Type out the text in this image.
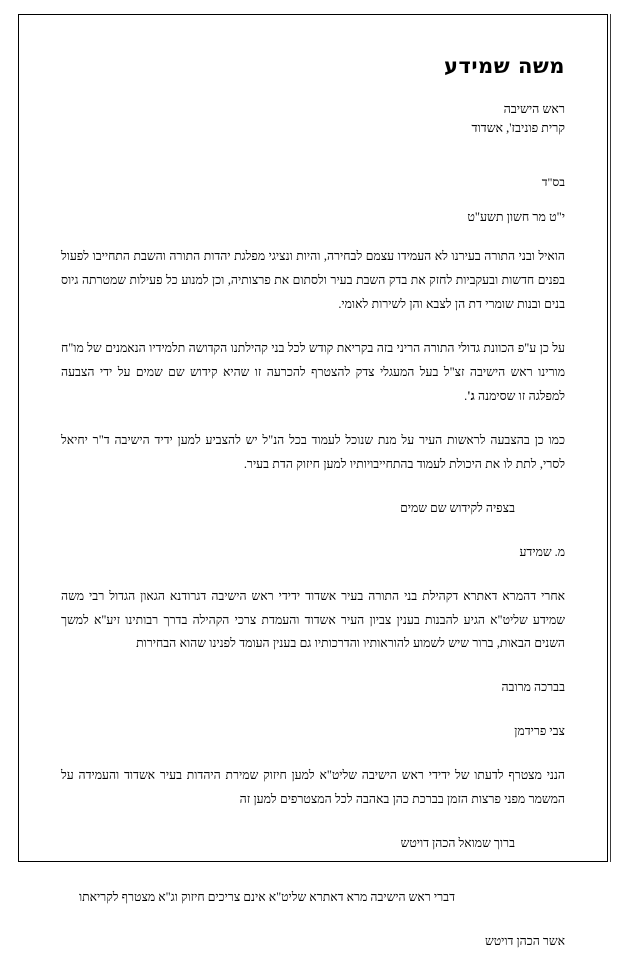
משה שמידע
ראש הישיבה
קרית פוניבז', אשדוד
בס"ד
י"ט מר חשון תשע"ט

הואיל ובני התורה בעירנו לא העמידו עצמם לבחירה, והיות ונציגי מפלגת יהדות התורה והשבת התחייבו לפעול בפנים חדשות ובעקביות לחזק את בדק השבת בעיר ולסתום את פרצותיה, וכן למנוע כל פעילות שמטרתה גיוס בנים ובנות שומרי דת הן לצבא והן לשירות לאומי.

על כן ע"פ הכוונת גדולי התורה הריני בזה בקריאת קודש לכל בני קהילתנו הקדושה תלמידיו הנאמנים של מו"ח מורינו ראש הישיבה זצ"ל בעל המעגלי צדק להצטרף להכרעה זו שהיא קידוש שם שמים על ידי הצבעה למפלגה זו שסימנה ג'.

כמו כן בהצבעה לראשות העיר על מנת שנוכל לעמוד בכל הנ"ל יש להצביע למען ידיד הישיבה ד"ר יחיאל לסרי, לתת לו את היכולת לעמוד בהתחייבויותיו למען חיזוק הדת בעיר.

בצפיה לקידוש שם שמים

מ. שמידע

אחרי דהמרא דאתרא דקהילת בני התורה בעיר אשדוד ידידי ראש הישיבה דגרודנא הגאון הגדול רבי משה שמידע שליט"א הגיע להבנות בענין צביון העיר אשדוד והעמדת צרכי הקהילה בדרך רבותינו זיע"א למשך השנים הבאות, ברור שיש לשמוע להוראותיו והדרכותיו גם בענין העומד לפנינו שהוא הבחירות

בברכה מרובה

צבי פרידמן

הנני מצטרף לדעתו של ידידי ראש הישיבה שליט"א למען חיזוק שמירת היהדות בעיר אשדוד והעמידה על המשמר מפני פרצות הזמן בברכת כהן באהבה לכל המצטרפים למען זה

ברוך שמואל הכהן דויטש

דברי ראש הישיבה מרא דאתרא שליט"א אינם צריכים חיזוק וג"א מצטרף לקריאתו

אשר הכהן דויטש
